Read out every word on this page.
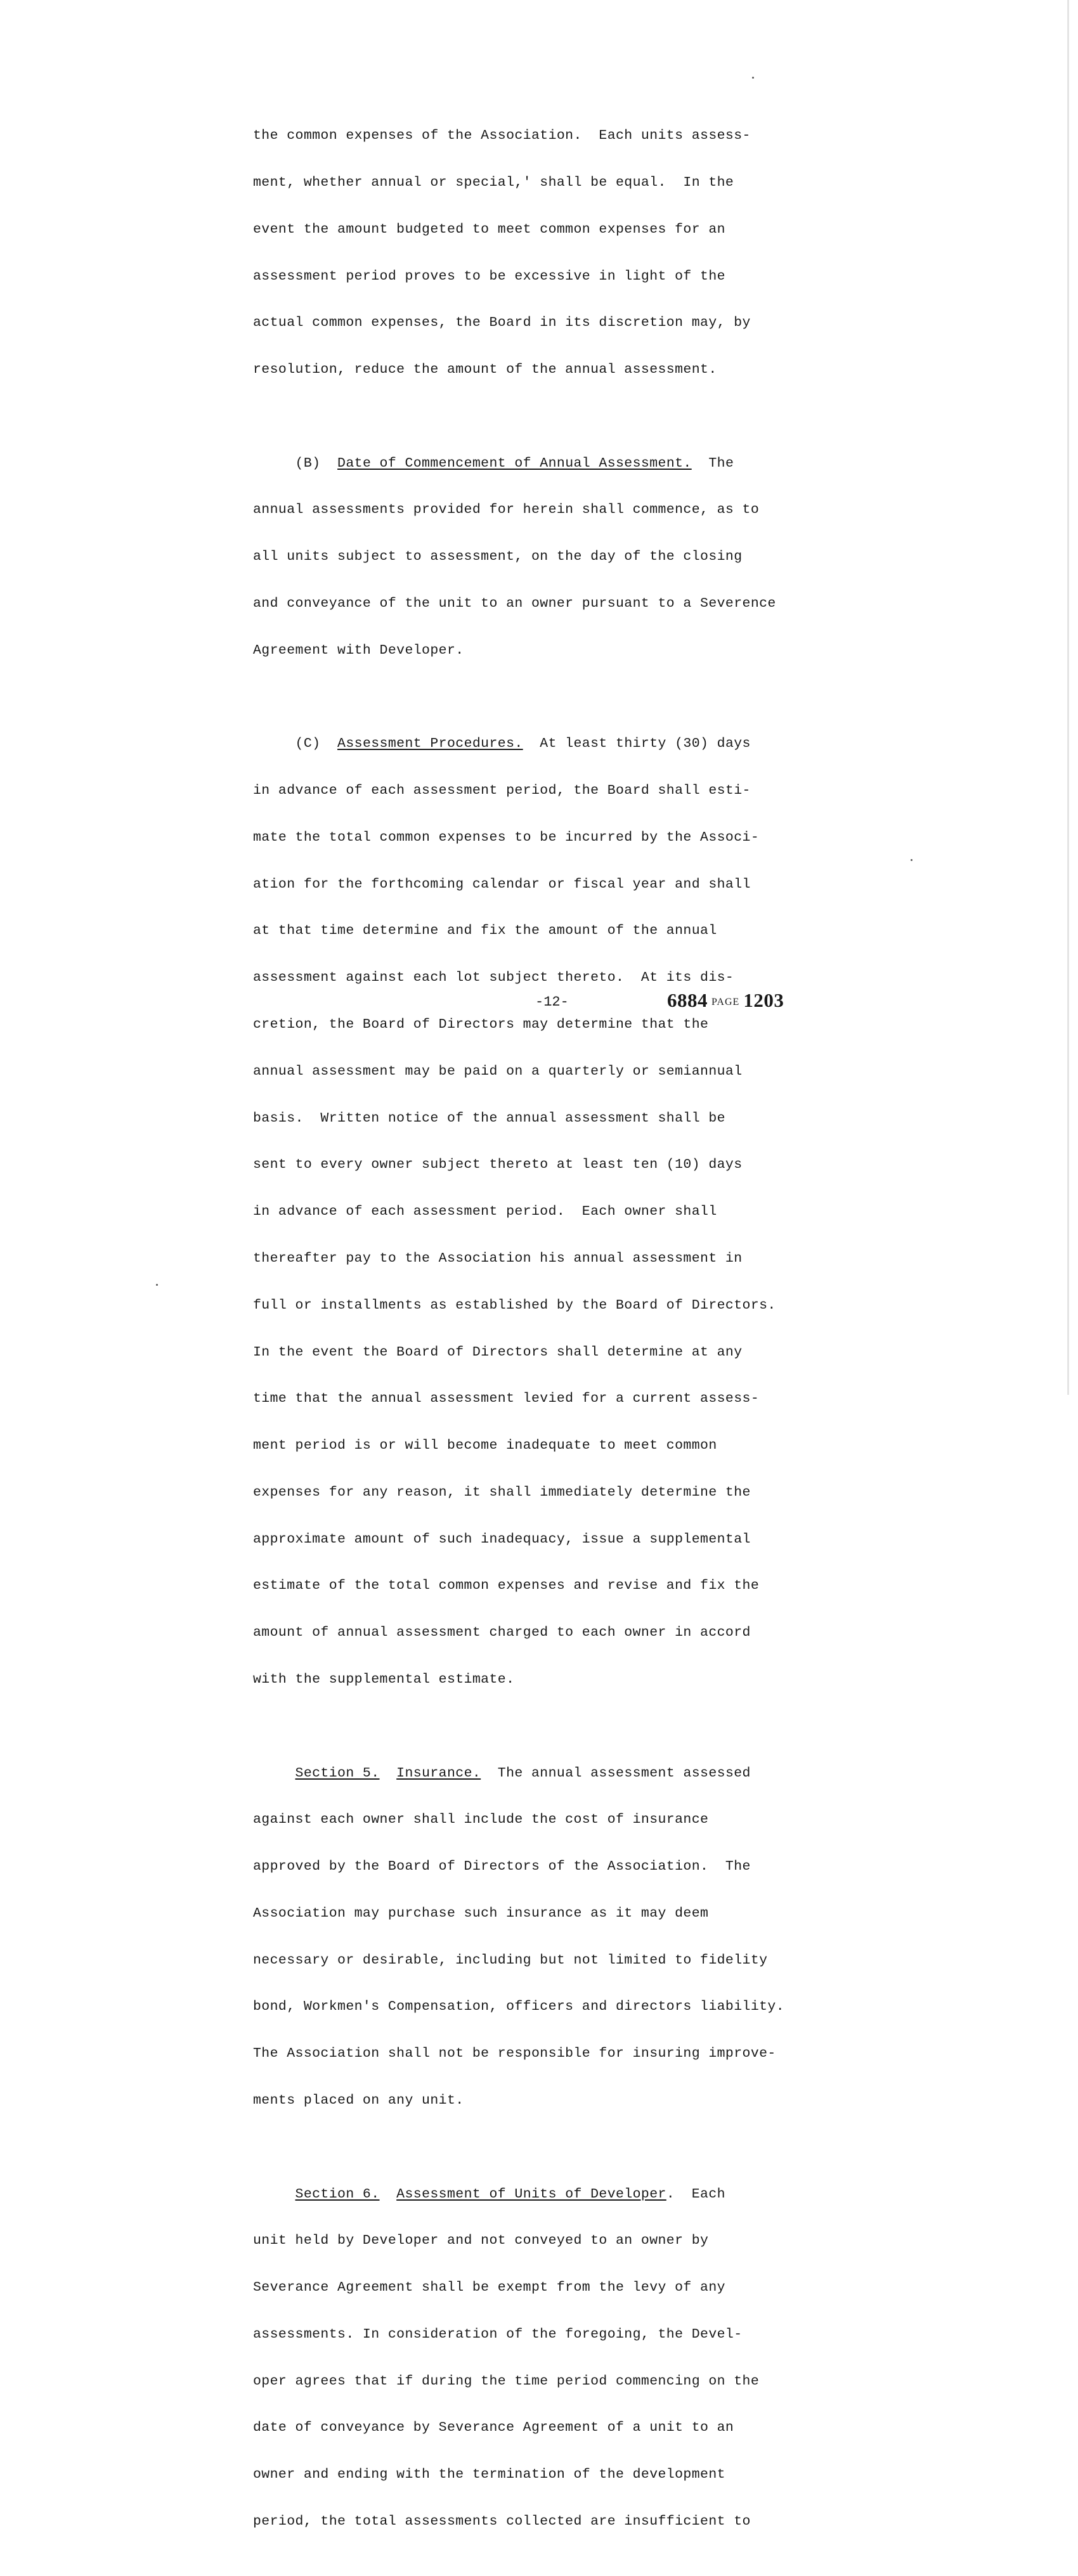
the common expenses of the Association.  Each units assess-

ment, whether annual or special,' shall be equal.  In the

event the amount budgeted to meet common expenses for an

assessment period proves to be excessive in light of the

actual common expenses, the Board in its discretion may, by

resolution, reduce the amount of the annual assessment.

(B)  Date of Commencement of Annual Assessment.  The

annual assessments provided for herein shall commence, as to

all units subject to assessment, on the day of the closing

and conveyance of the unit to an owner pursuant to a Severence

Agreement with Developer.

(C)  Assessment Procedures.  At least thirty (30) days

in advance of each assessment period, the Board shall esti-

mate the total common expenses to be incurred by the Associ-

ation for the forthcoming calendar or fiscal year and shall

at that time determine and fix the amount of the annual

assessment against each lot subject thereto.  At its dis-

cretion, the Board of Directors may determine that the

annual assessment may be paid on a quarterly or semiannual

basis.  Written notice of the annual assessment shall be

sent to every owner subject thereto at least ten (10) days

in advance of each assessment period.  Each owner shall

thereafter pay to the Association his annual assessment in

full or installments as established by the Board of Directors.

In the event the Board of Directors shall determine at any

time that the annual assessment levied for a current assess-

ment period is or will become inadequate to meet common

expenses for any reason, it shall immediately determine the

approximate amount of such inadequacy, issue a supplemental

estimate of the total common expenses and revise and fix the

amount of annual assessment charged to each owner in accord

with the supplemental estimate.

Section 5. Insurance.  The annual assessment assessed

against each owner shall include the cost of insurance

approved by the Board of Directors of the Association.  The

Association may purchase such insurance as it may deem

necessary or desirable, including but not limited to fidelity

bond, Workmen's Compensation, officers and directors liability.

The Association shall not be responsible for insuring improve-

ments placed on any unit.

Section 6. Assessment of Units of Developer.  Each

unit held by Developer and not conveyed to an owner by

Severance Agreement shall be exempt from the levy of any

assessments. In consideration of the foregoing, the Devel-

oper agrees that if during the time period commencing on the

date of conveyance by Severance Agreement of a unit to an

owner and ending with the termination of the development

period, the total assessments collected are insufficient to

-12-	6884 PAGE 1203
